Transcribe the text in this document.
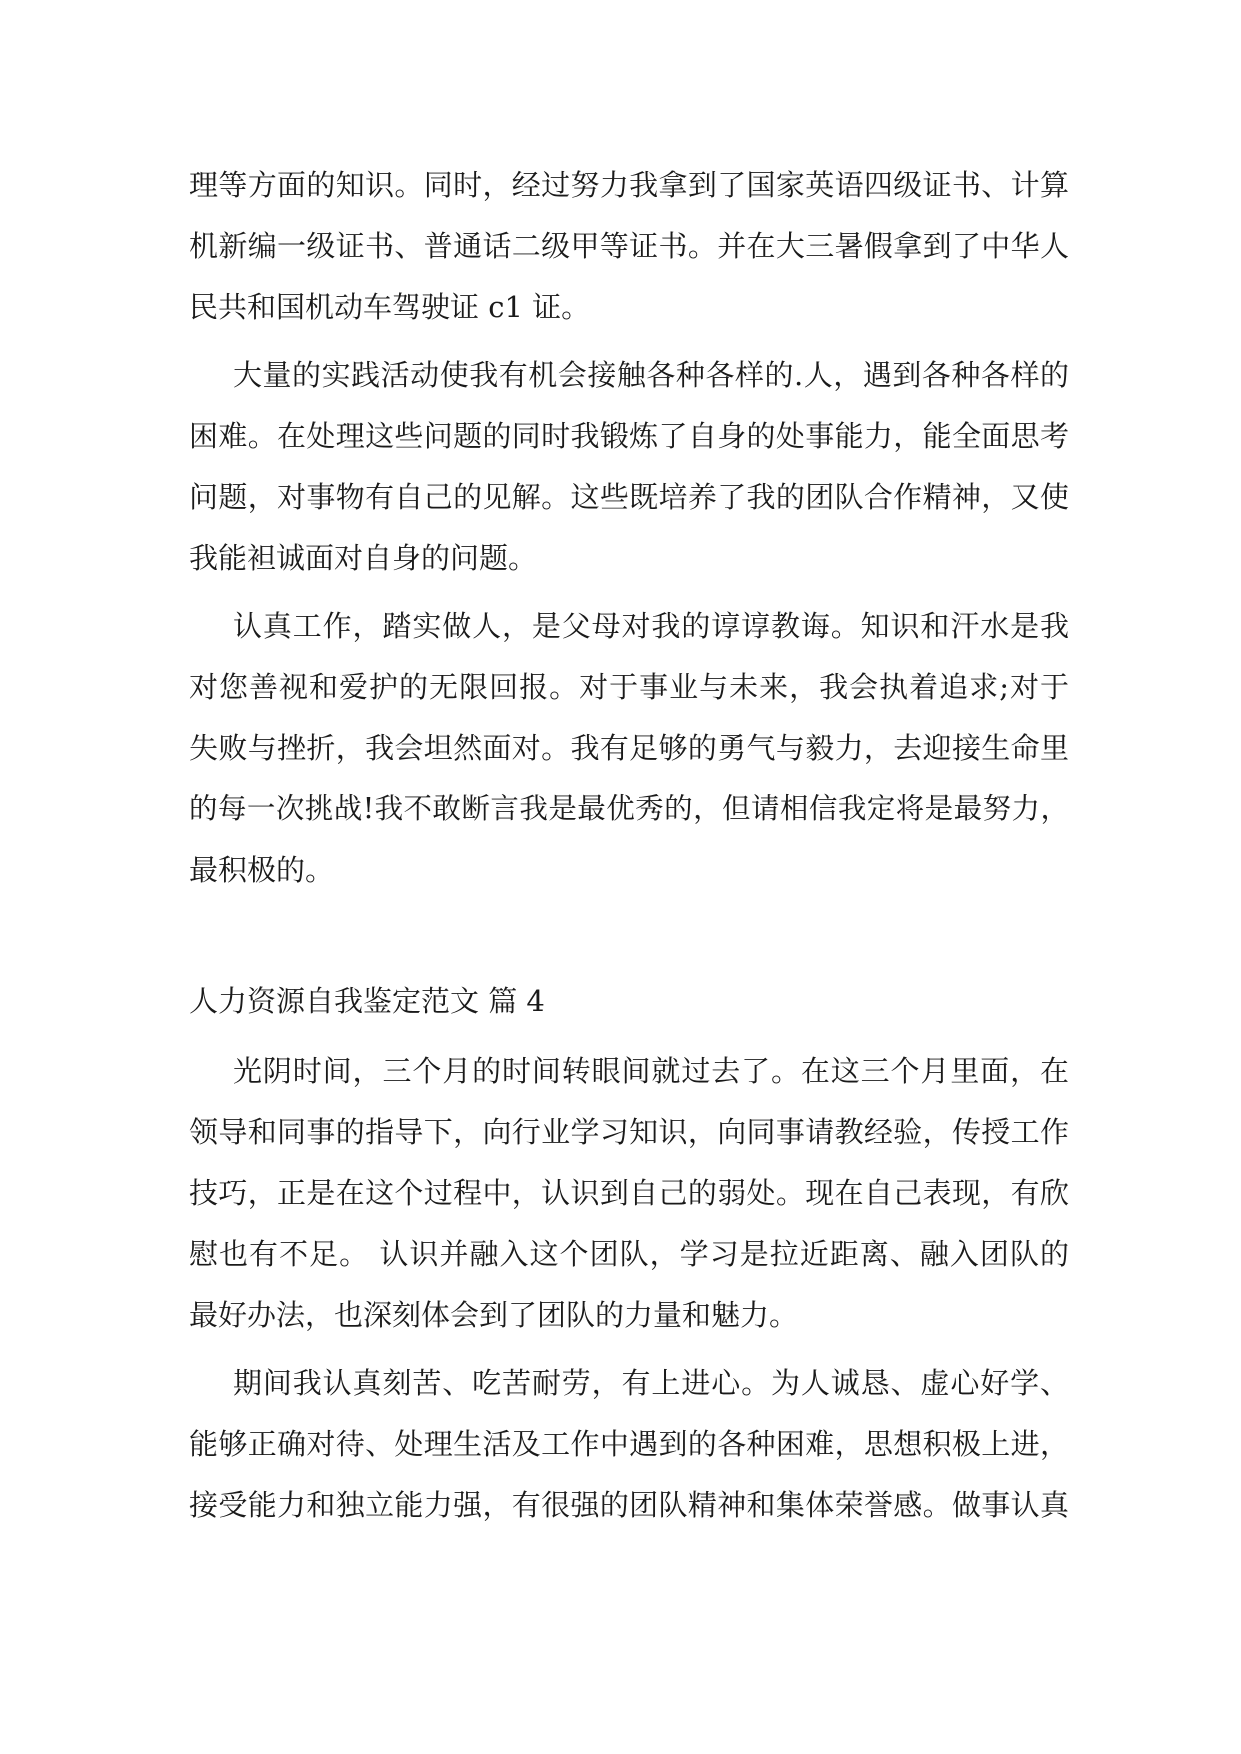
理等方面的知识。同时，经过努力我拿到了国家英语四级证书、计算
机新编一级证书、普通话二级甲等证书。并在大三暑假拿到了中华人
民共和国机动车驾驶证 c1 证。
大量的实践活动使我有机会接触各种各样的.人，遇到各种各样的
困难。在处理这些问题的同时我锻炼了自身的处事能力，能全面思考
问题，对事物有自己的见解。这些既培养了我的团队合作精神，又使
我能袒诚面对自身的问题。
认真工作，踏实做人，是父母对我的谆谆教诲。知识和汗水是我
对您善视和爱护的无限回报。对于事业与未来，我会执着追求;对于
失败与挫折，我会坦然面对。我有足够的勇气与毅力，去迎接生命里
的每一次挑战!我不敢断言我是最优秀的，但请相信我定将是最努力，
最积极的。
人力资源自我鉴定范文 篇 4
光阴时间，三个月的时间转眼间就过去了。在这三个月里面，在
领导和同事的指导下，向行业学习知识，向同事请教经验，传授工作
技巧，正是在这个过程中，认识到自己的弱处。现在自己表现，有欣
慰也有不足。 认识并融入这个团队，学习是拉近距离、融入团队的
最好办法，也深刻体会到了团队的力量和魅力。
期间我认真刻苦、吃苦耐劳，有上进心。为人诚恳、虚心好学、
能够正确对待、处理生活及工作中遇到的各种困难，思想积极上进，
接受能力和独立能力强，有很强的团队精神和集体荣誉感。做事认真
